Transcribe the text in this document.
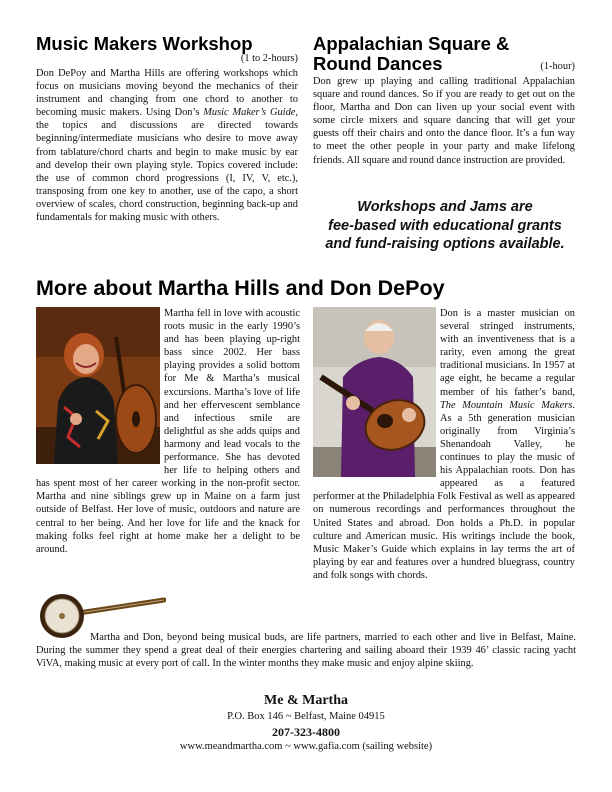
Music Makers Workshop
(1 to 2-hours)
Don DePoy and Martha Hills are offering workshops which focus on musicians moving beyond the mechanics of their instrument and changing from one chord to another to becoming music makers. Using Don’s Music Maker’s Guide, the topics and discussions are directed towards beginning/intermediate musicians who desire to move away from tablature/chord charts and begin to make music by ear and develop their own playing style. Topics covered include: the use of common chord progressions (I, IV, V, etc.), transposing from one key to another, use of the capo, a short overview of scales, chord construction, beginning back-up and fundamentals for making music with others.
Appalachian Square &
Round Dances	(1-hour)
Don grew up playing and calling traditional Appalachian square and round dances. So if you are ready to get out on the floor, Martha and Don can liven up your social event with some circle mixers and square dancing that will get your guests off their chairs and onto the dance floor. It’s a fun way to meet the other people in your party and make lifelong friends. All square and round dance instruction are provided.
Workshops and Jams are
fee-based with educational grants
and fund-raising options available.
More about Martha Hills and Don DePoy
Martha fell in love with acoustic roots music in the early 1990’s and has been playing up-right bass since 2002. Her bass playing provides a solid bottom for Me & Martha’s musical excursions. Martha’s love of life and her effervescent semblance and infectious smile are delightful as she adds quips and harmony and lead vocals to the performance. She has devoted her life to helping others and has spent most of her career working in the non-profit sector. Martha and nine siblings grew up in Maine on a farm just outside of Belfast. Her love of music, outdoors and nature are central to her being. And her love for life and the knack for making folks feel right at home make her a delight to be around.
Don is a master musician on several stringed instruments, with an inventiveness that is a rarity, even among the great traditional musicians. In 1957 at age eight, he became a regular member of his father’s band, The Mountain Music Makers. As a 5th generation musician originally from Virginia’s Shenandoah Valley, he continues to play the music of his Appalachian roots. Don has appeared as a featured performer at the Philadelphia Folk Festival as well as appeared on numerous recordings and performances throughout the United States and abroad. Don holds a Ph.D. in popular culture and American music. His writings include the book, Music Maker’s Guide which explains in lay terms the art of playing by ear and features over a hundred bluegrass, country and folk songs with chords.
Martha and Don, beyond being musical buds, are life partners, married to each other and live in Belfast, Maine. During the summer they spend a great deal of their energies chartering and sailing aboard their 1939 46’ classic racing yacht ViVA, making music at every port of call. In the winter months they make music and enjoy alpine skiing.
Me & Martha
P.O. Box 146 ~ Belfast, Maine 04915
207-323-4800
www.meandmartha.com ~ www.gafia.com (sailing website)
